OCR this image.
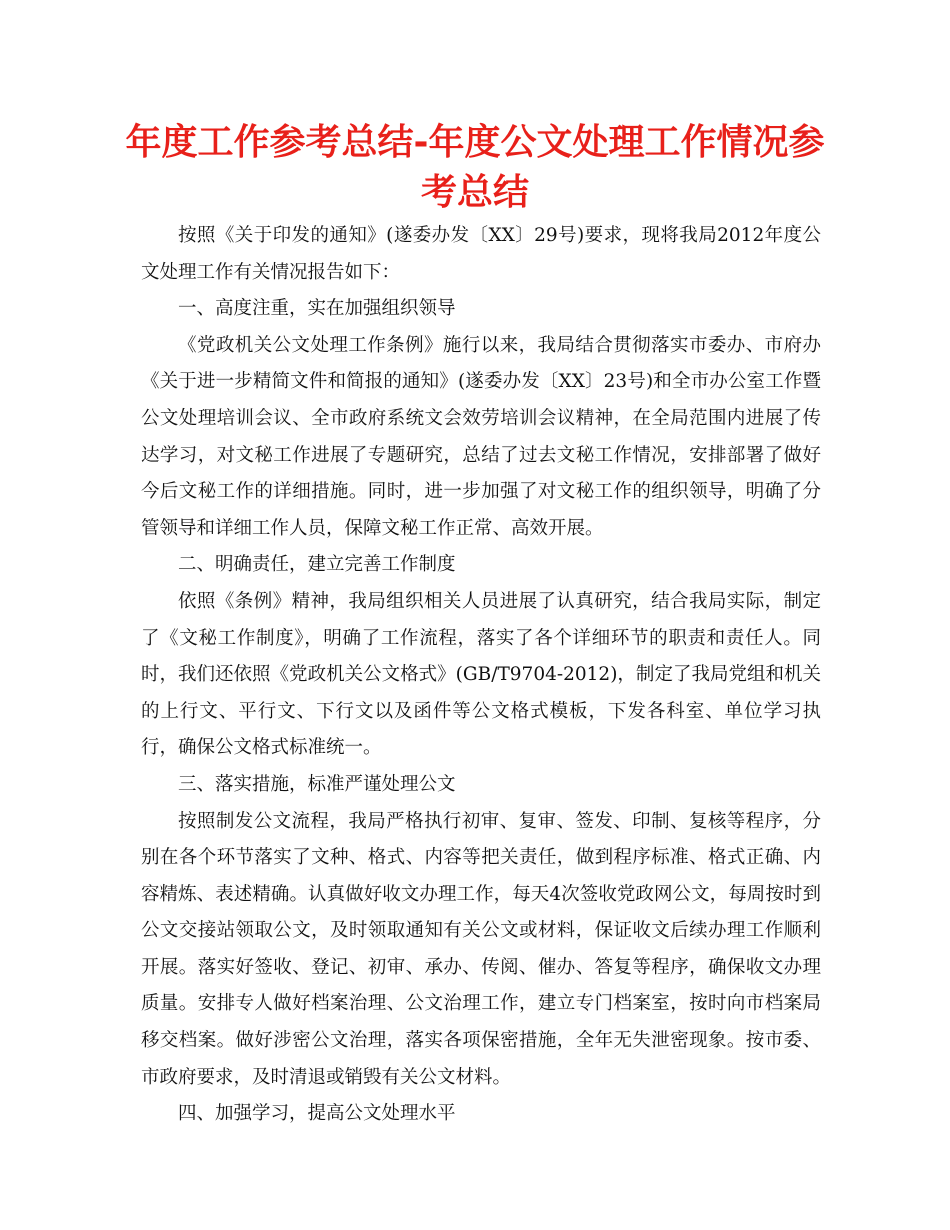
年度工作参考总结-年度公文处理工作情况参考总结

按照《关于印发的通知》(遂委办发〔XX〕29号)要求，现将我局2012年度公文处理工作有关情况报告如下：

一、高度注重，实在加强组织领导

《党政机关公文处理工作条例》施行以来，我局结合贯彻落实市委办、市府办《关于进一步精简文件和简报的通知》(遂委办发〔XX〕23号)和全市办公室工作暨公文处理培训会议、全市政府系统文会效劳培训会议精神，在全局范围内进展了传达学习，对文秘工作进展了专题研究，总结了过去文秘工作情况，安排部署了做好今后文秘工作的详细措施。同时，进一步加强了对文秘工作的组织领导，明确了分管领导和详细工作人员，保障文秘工作正常、高效开展。

二、明确责任，建立完善工作制度

依照《条例》精神，我局组织相关人员进展了认真研究，结合我局实际，制定了《文秘工作制度》，明确了工作流程，落实了各个详细环节的职责和责任人。同时，我们还依照《党政机关公文格式》(GB/T9704-2012)，制定了我局党组和机关的上行文、平行文、下行文以及函件等公文格式模板，下发各科室、单位学习执行，确保公文格式标准统一。

三、落实措施，标准严谨处理公文

按照制发公文流程，我局严格执行初审、复审、签发、印制、复核等程序，分别在各个环节落实了文种、格式、内容等把关责任，做到程序标准、格式正确、内容精炼、表述精确。认真做好收文办理工作，每天4次签收党政网公文，每周按时到公文交接站领取公文，及时领取通知有关公文或材料，保证收文后续办理工作顺利开展。落实好签收、登记、初审、承办、传阅、催办、答复等程序，确保收文办理质量。安排专人做好档案治理、公文治理工作，建立专门档案室，按时向市档案局移交档案。做好涉密公文治理，落实各项保密措施，全年无失泄密现象。按市委、市政府要求，及时清退或销毁有关公文材料。

四、加强学习，提高公文处理水平
